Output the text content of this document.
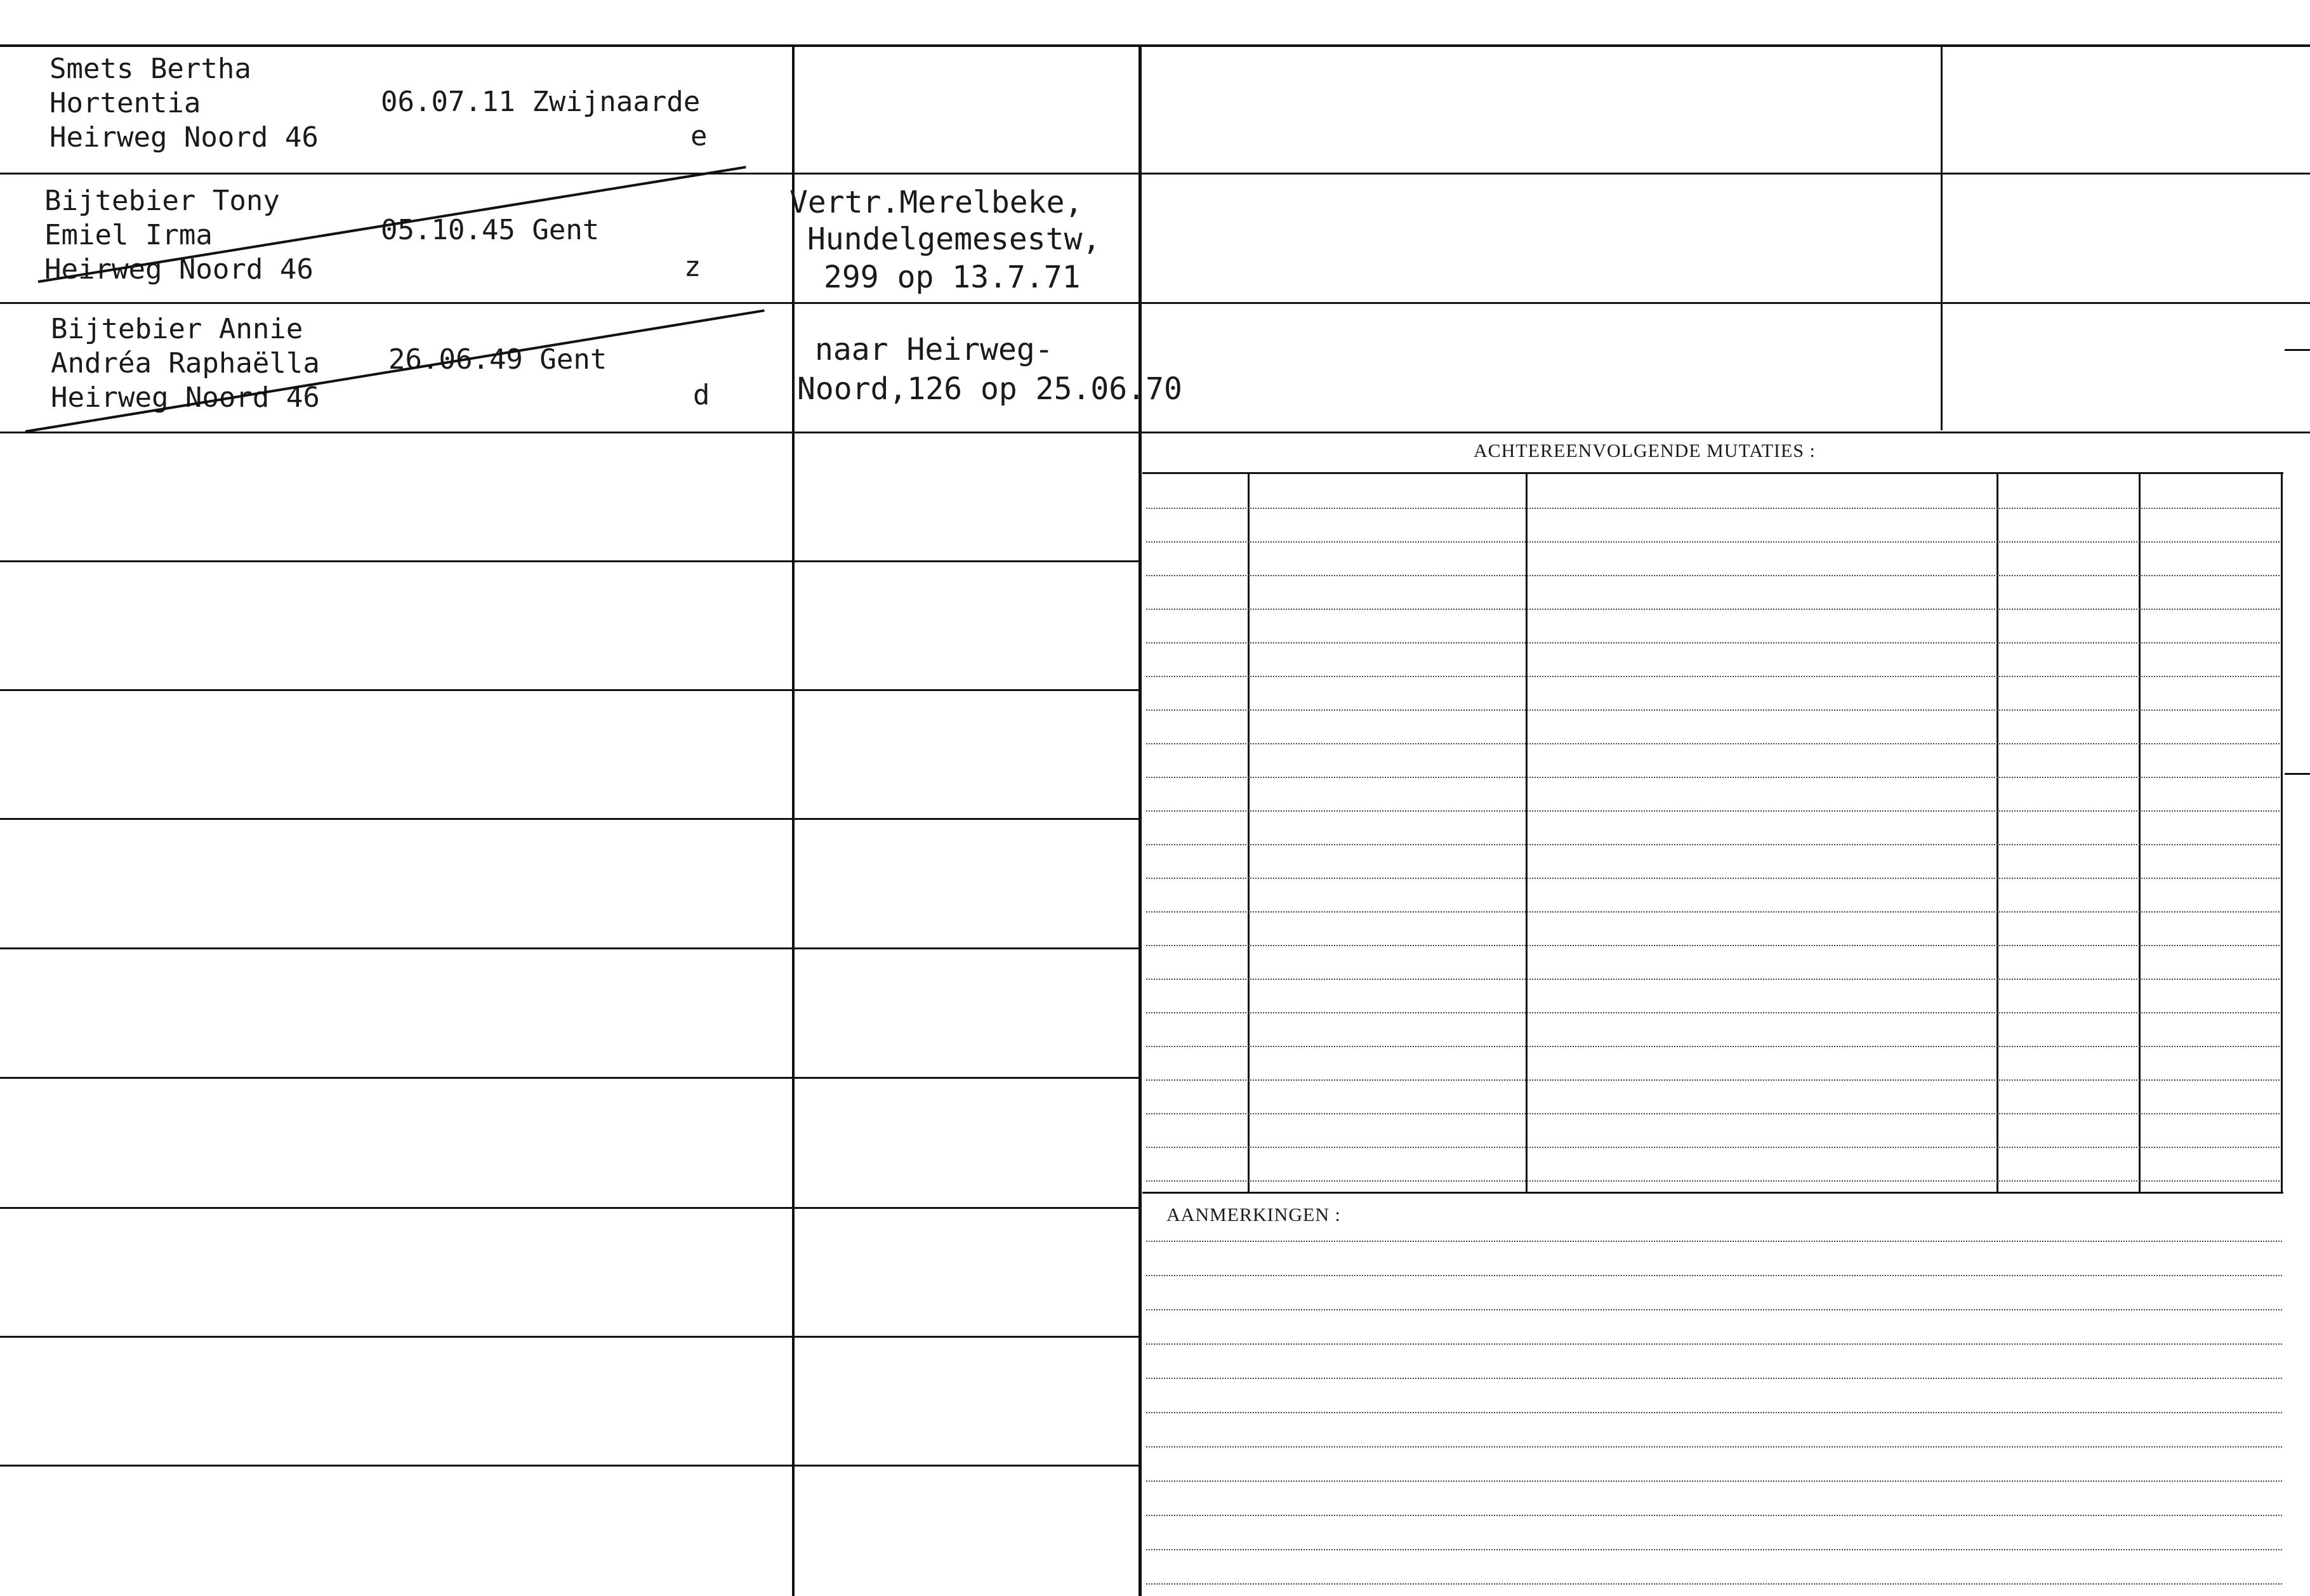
Smets Bertha
Hortentia
Heirweg Noord 46
06.07.11 Zwijnaarde
e
Bijtebier Tony
Emiel Irma
Heirweg Noord 46
05.10.45 Gent
z
Vertr.Merelbeke,
Hundelgemesestw,
299 op 13.7.71
Bijtebier Annie
Andréa Raphaëlla
Heirweg Noord 46
26.06.49 Gent
d
naar Heirweg-
Noord,126 op 25.06.70
ACHTEREENVOLGENDE MUTATIES :
AANMERKINGEN :
